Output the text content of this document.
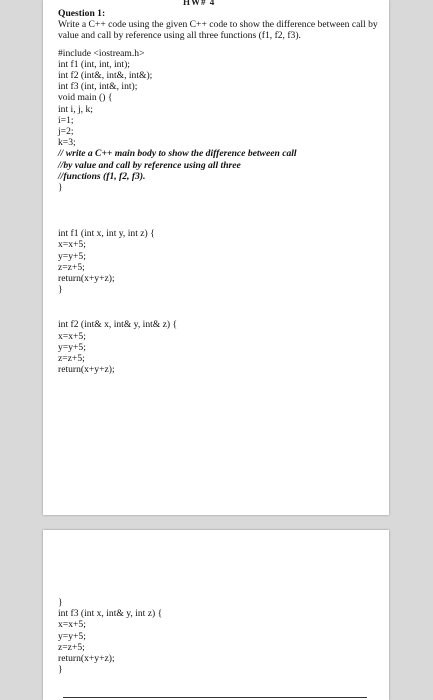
HW# 4
Question 1:
Write a C++ code using the given C++ code to show the difference between call by value and call by reference using all three functions (f1, f2, f3).
#include <iostream.h>
int f1 (int, int, int);
int f2 (int&, int&, int&);
int f3 (int, int&, int);
void main () {
int i, j, k;
i=1;
j=2;
k=3;
// write a C++ main body to show the difference between call
//by value and call by reference using all three
//functions (f1, f2, f3).
}
int f1 (int x, int y, int z) {
x=x+5;
y=y+5;
z=z+5;
return(x+y+z);
}
int f2 (int& x, int& y, int& z) {
x=x+5;
y=y+5;
z=z+5;
return(x+y+z);
}
int f3 (int x, int& y, int z) {
x=x+5;
y=y+5;
z=z+5;
return(x+y+z);
}
